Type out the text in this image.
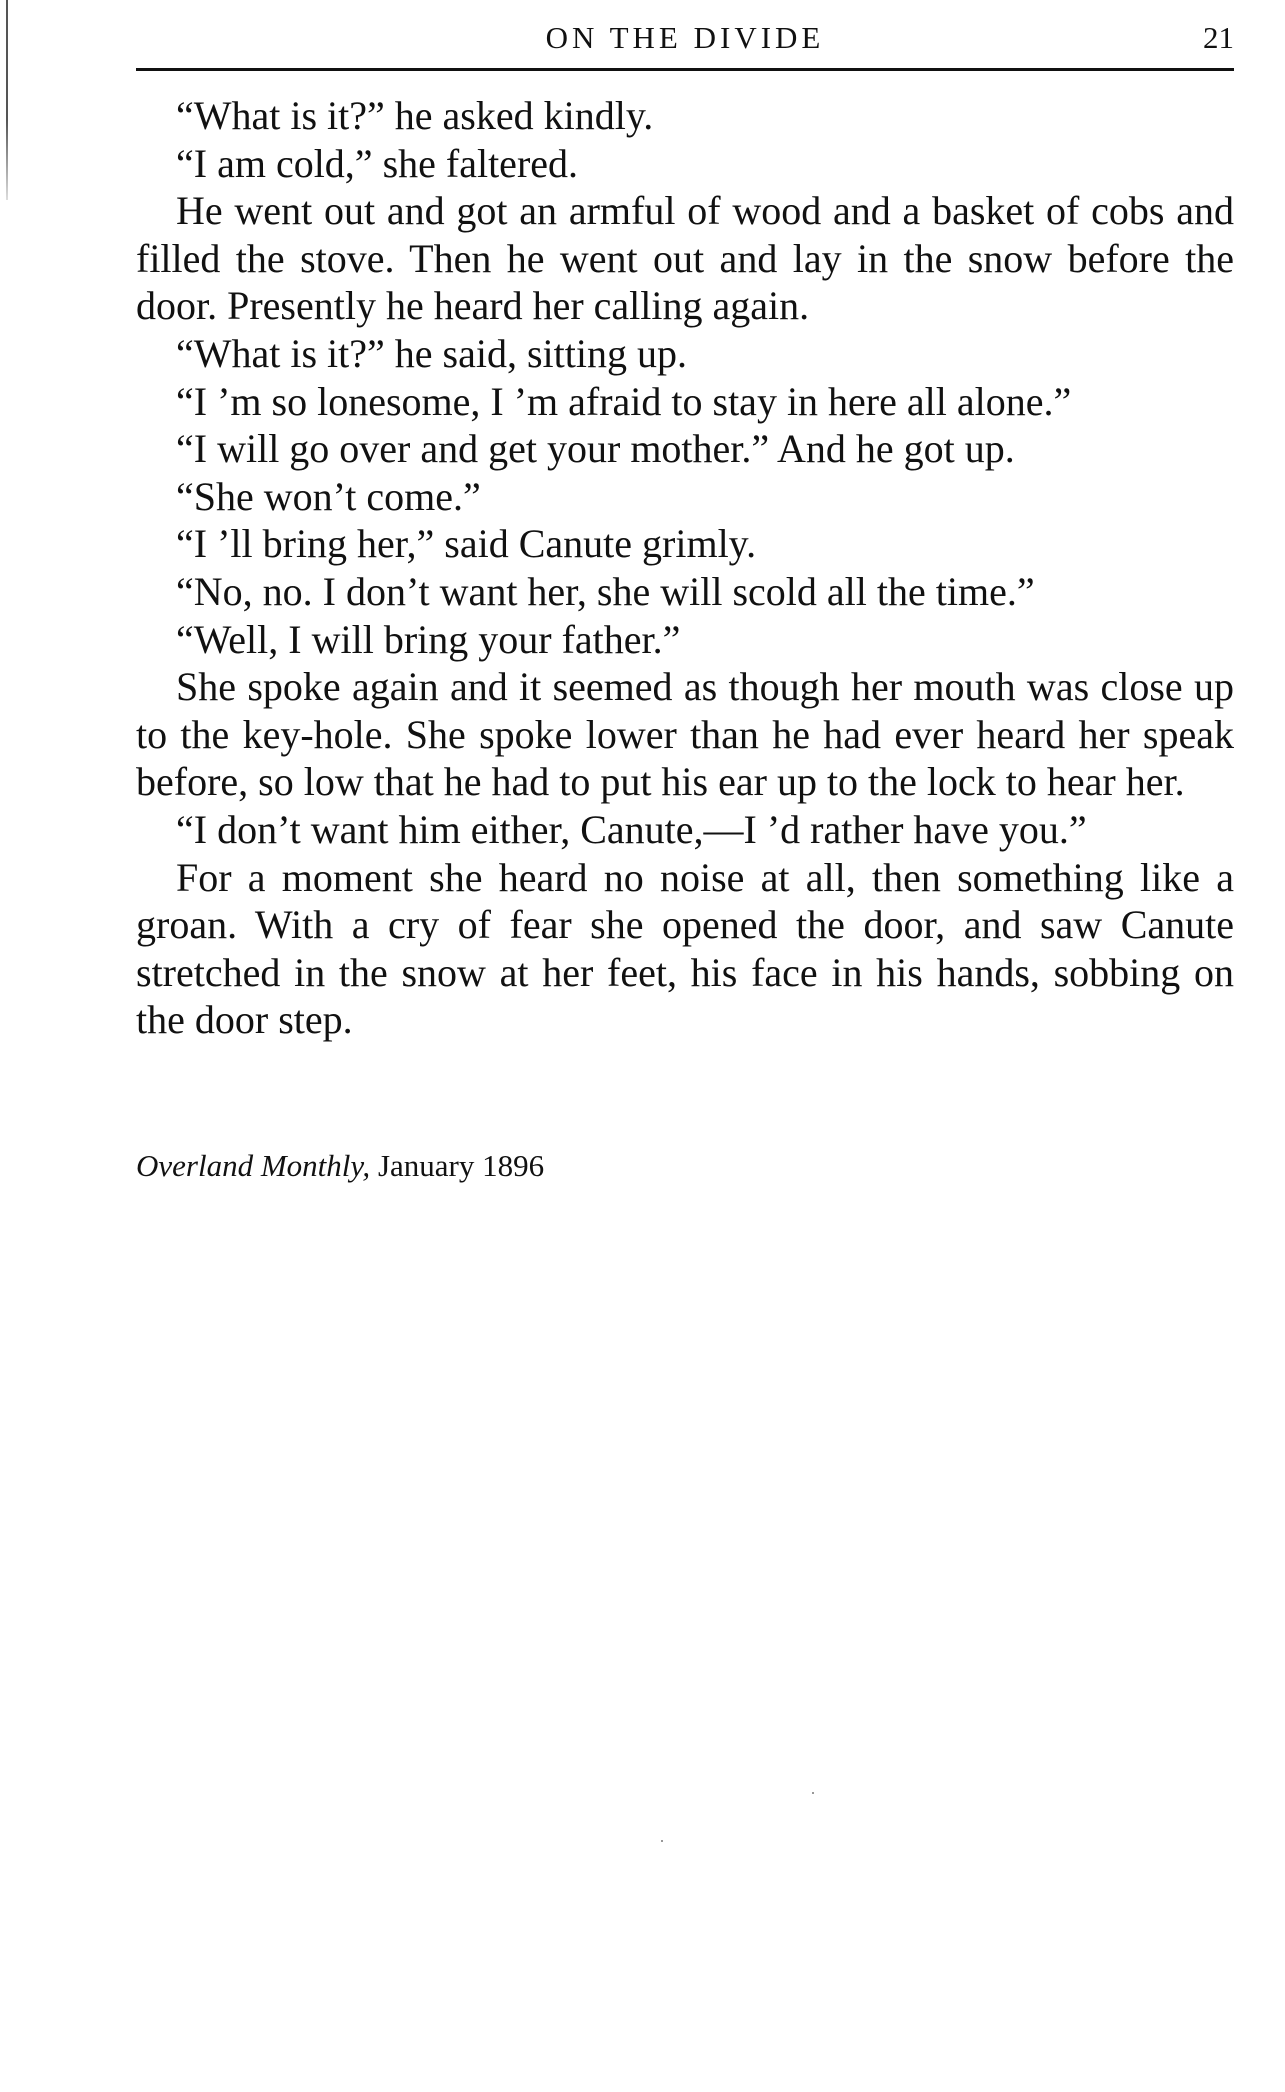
ON THE DIVIDE	21

“What is it?” he asked kindly.

“I am cold,” she faltered.

He went out and got an armful of wood and a basket of cobs and filled the stove. Then he went out and lay in the snow before the door. Presently he heard her calling again.

“What is it?” he said, sitting up.

“I ’m so lonesome, I ’m afraid to stay in here all alone.”

“I will go over and get your mother.” And he got up.

“She won’t come.”

“I ’ll bring her,” said Canute grimly.

“No, no. I don’t want her, she will scold all the time.”

“Well, I will bring your father.”

She spoke again and it seemed as though her mouth was close up to the key-hole. She spoke lower than he had ever heard her speak before, so low that he had to put his ear up to the lock to hear her.

“I don’t want him either, Canute,—I ’d rather have you.”

For a moment she heard no noise at all, then something like a groan. With a cry of fear she opened the door, and saw Canute stretched in the snow at her feet, his face in his hands, sobbing on the door step.

Overland Monthly, January 1896
